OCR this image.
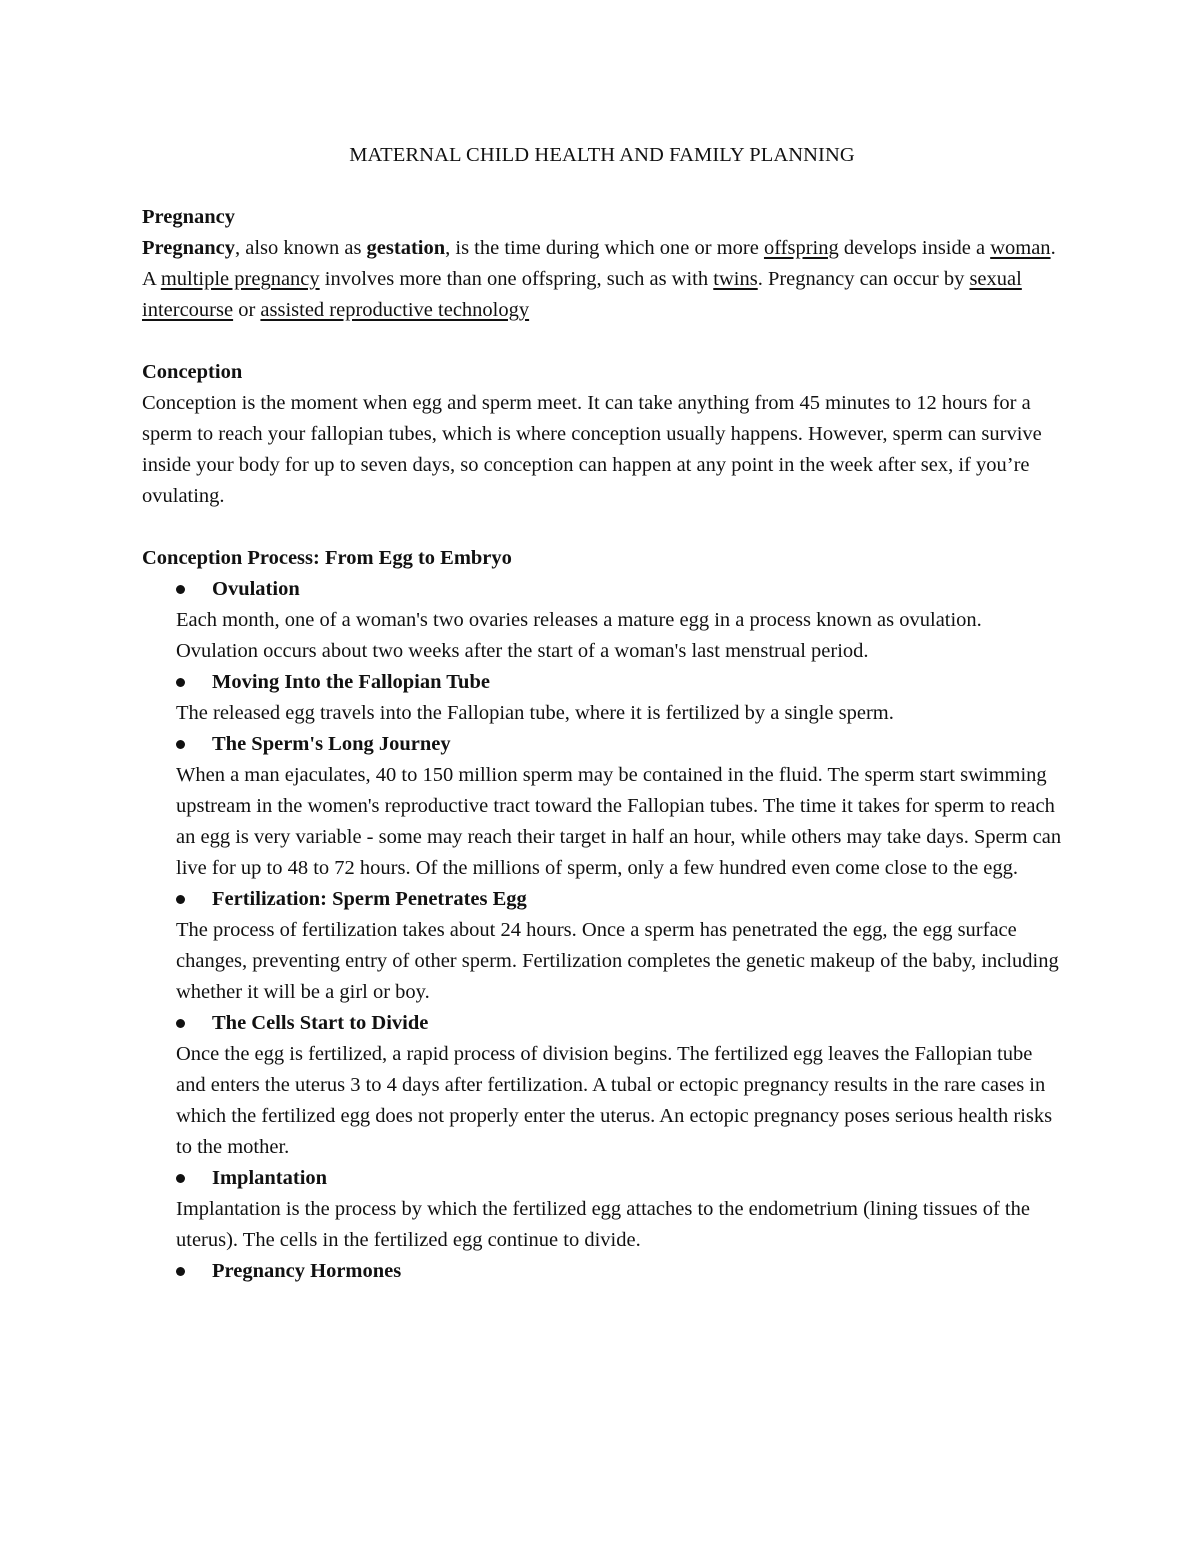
MATERNAL CHILD HEALTH AND FAMILY PLANNING

Pregnancy

Pregnancy, also known as gestation, is the time during which one or more offspring develops inside a woman. A multiple pregnancy involves more than one offspring, such as with twins. Pregnancy can occur by sexual intercourse or assisted reproductive technology

Conception

Conception is the moment when egg and sperm meet. It can take anything from 45 minutes to 12 hours for a sperm to reach your fallopian tubes, which is where conception usually happens. However, sperm can survive inside your body for up to seven days, so conception can happen at any point in the week after sex, if you’re ovulating.

Conception Process: From Egg to Embryo

Ovulation

Each month, one of a woman's two ovaries releases a mature egg in a process known as ovulation. Ovulation occurs about two weeks after the start of a woman's last menstrual period.

Moving Into the Fallopian Tube

The released egg travels into the Fallopian tube, where it is fertilized by a single sperm.

The Sperm's Long Journey

When a man ejaculates, 40 to 150 million sperm may be contained in the fluid. The sperm start swimming upstream in the women's reproductive tract toward the Fallopian tubes. The time it takes for sperm to reach an egg is very variable - some may reach their target in half an hour, while others may take days. Sperm can live for up to 48 to 72 hours. Of the millions of sperm, only a few hundred even come close to the egg.

Fertilization: Sperm Penetrates Egg

The process of fertilization takes about 24 hours. Once a sperm has penetrated the egg, the egg surface changes, preventing entry of other sperm. Fertilization completes the genetic makeup of the baby, including whether it will be a girl or boy.

The Cells Start to Divide

Once the egg is fertilized, a rapid process of division begins. The fertilized egg leaves the Fallopian tube and enters the uterus 3 to 4 days after fertilization. A tubal or ectopic pregnancy results in the rare cases in which the fertilized egg does not properly enter the uterus. An ectopic pregnancy poses serious health risks to the mother.

Implantation

Implantation is the process by which the fertilized egg attaches to the endometrium (lining tissues of the uterus). The cells in the fertilized egg continue to divide.

Pregnancy Hormones
